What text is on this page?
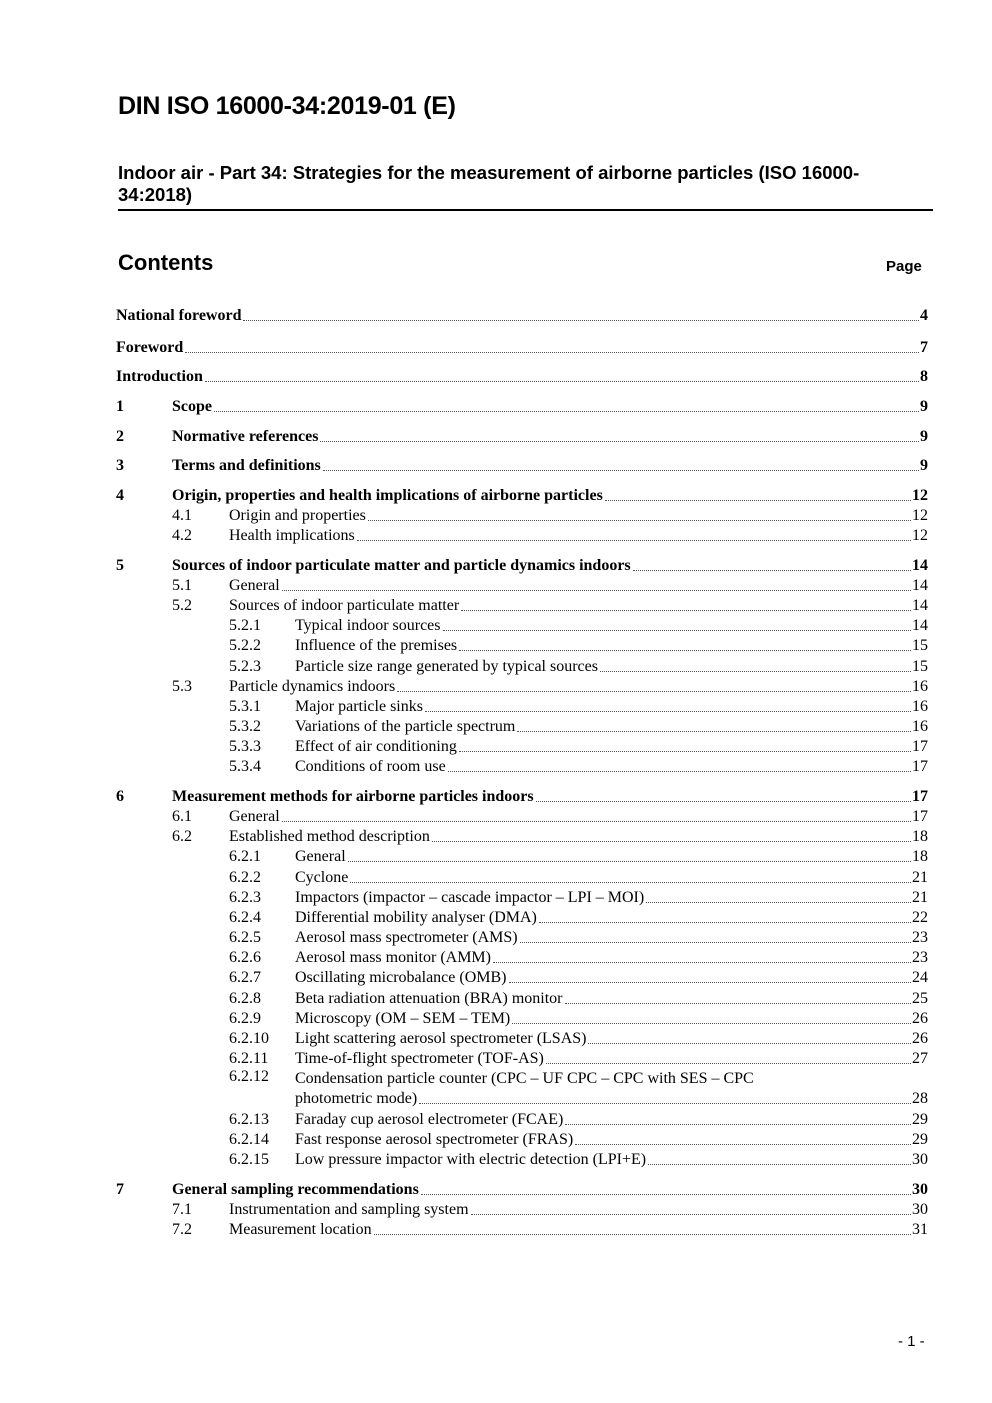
DIN ISO 16000-34:2019-01 (E)
Indoor air - Part 34: Strategies for the measurement of airborne particles (ISO 16000-34:2018)
Contents	Page
National foreword	4
Foreword	7
Introduction	8
1	Scope	9
2	Normative references	9
3	Terms and definitions	9
4	Origin, properties and health implications of airborne particles	12
4.1	Origin and properties	12
4.2	Health implications	12
5	Sources of indoor particulate matter and particle dynamics indoors	14
5.1	General	14
5.2	Sources of indoor particulate matter	14
5.2.1	Typical indoor sources	14
5.2.2	Influence of the premises	15
5.2.3	Particle size range generated by typical sources	15
5.3	Particle dynamics indoors	16
5.3.1	Major particle sinks	16
5.3.2	Variations of the particle spectrum	16
5.3.3	Effect of air conditioning	17
5.3.4	Conditions of room use	17
6	Measurement methods for airborne particles indoors	17
6.1	General	17
6.2	Established method description	18
6.2.1	General	18
6.2.2	Cyclone	21
6.2.3	Impactors (impactor – cascade impactor – LPI – MOI)	21
6.2.4	Differential mobility analyser (DMA)	22
6.2.5	Aerosol mass spectrometer (AMS)	23
6.2.6	Aerosol mass monitor (AMM)	23
6.2.7	Oscillating microbalance (OMB)	24
6.2.8	Beta radiation attenuation (BRA) monitor	25
6.2.9	Microscopy (OM – SEM – TEM)	26
6.2.10	Light scattering aerosol spectrometer (LSAS)	26
6.2.11	Time-of-flight spectrometer (TOF-AS)	27
6.2.12	Condensation particle counter (CPC – UF CPC – CPC with SES – CPC
photometric mode)	28
6.2.13	Faraday cup aerosol electrometer (FCAE)	29
6.2.14	Fast response aerosol spectrometer (FRAS)	29
6.2.15	Low pressure impactor with electric detection (LPI+E)	30
7	General sampling recommendations	30
7.1	Instrumentation and sampling system	30
7.2	Measurement location	31
- 1 -
